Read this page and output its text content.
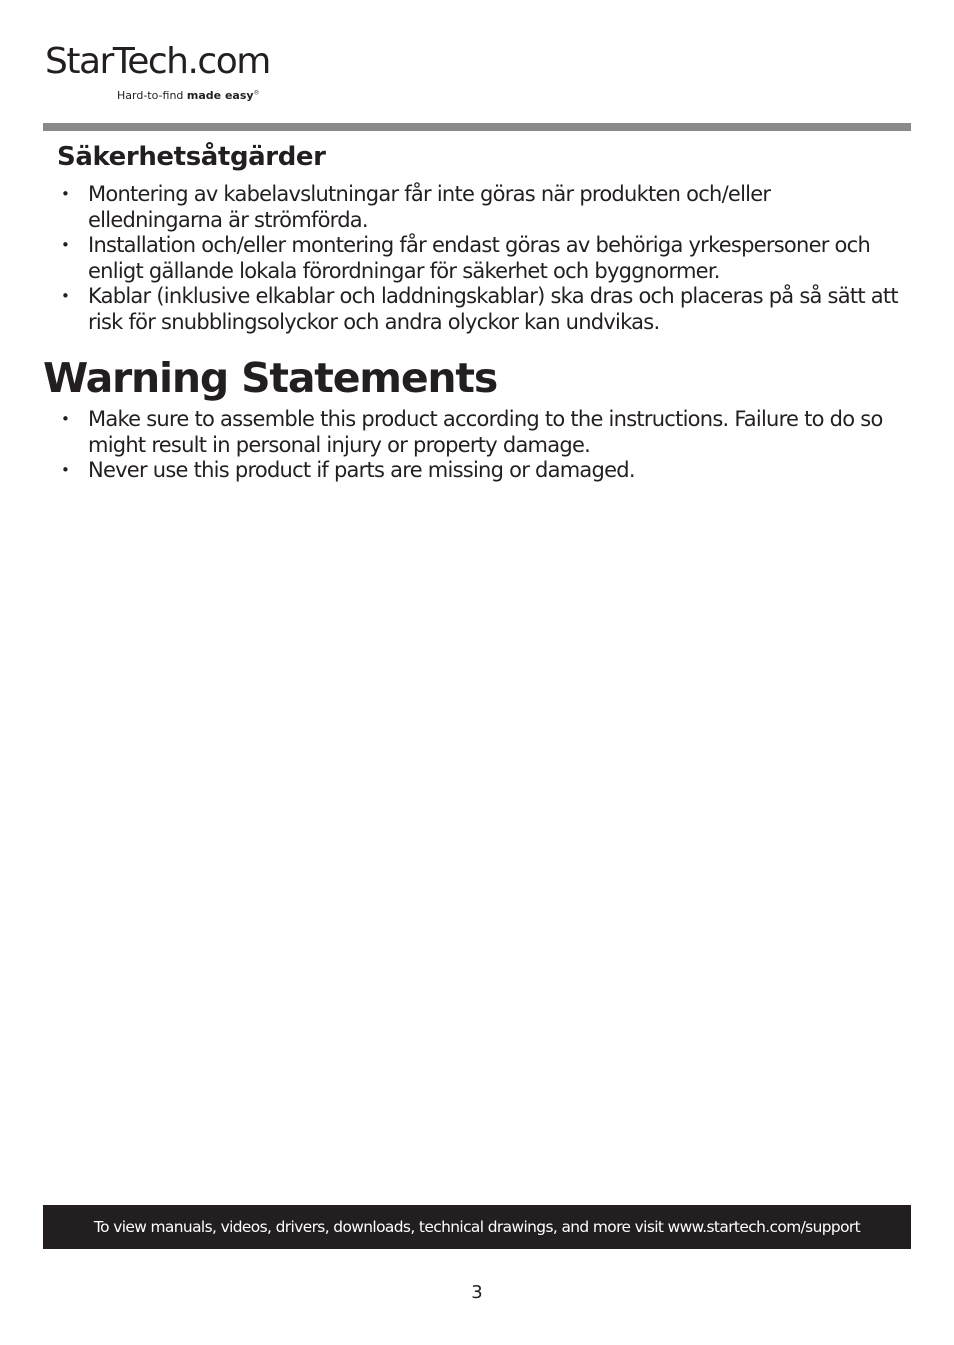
StarTech.com
Hard-to-find made easy®
Säkerhetsåtgärder
• Montering av kabelavslutningar får inte göras när produkten och/eller elledningarna är strömförda.
• Installation och/eller montering får endast göras av behöriga yrkespersoner och enligt gällande lokala förordningar för säkerhet och byggnormer.
• Kablar (inklusive elkablar och laddningskablar) ska dras och placeras på så sätt att risk för snubblingsolyckor och andra olyckor kan undvikas.
Warning Statements
• Make sure to assemble this product according to the instructions. Failure to do so might result in personal injury or property damage.
• Never use this product if parts are missing or damaged.
To view manuals, videos, drivers, downloads, technical drawings, and more visit www.startech.com/support
3
